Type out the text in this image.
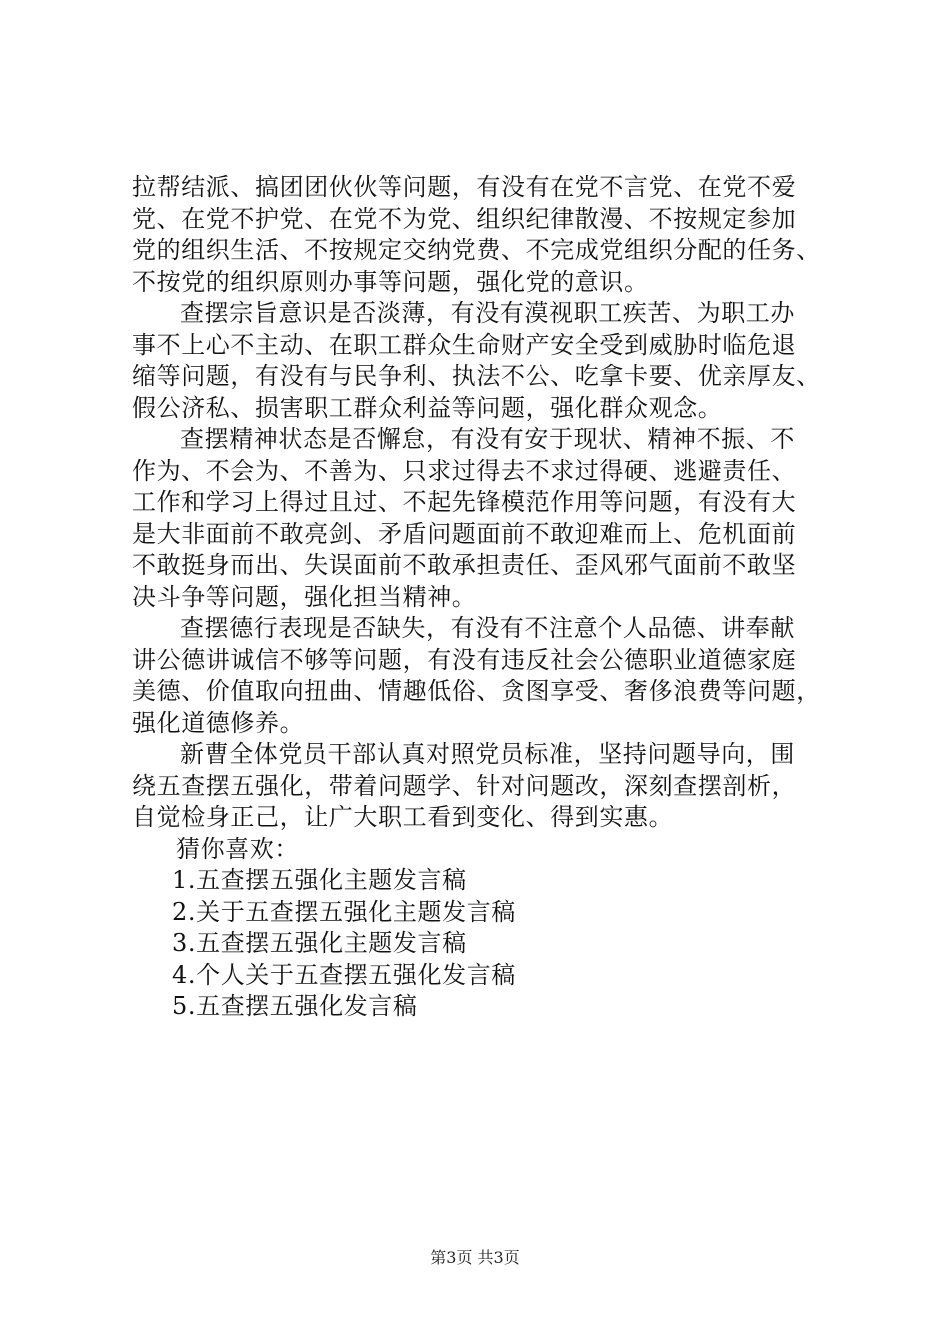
拉帮结派、搞团团伙伙等问题，有没有在党不言党、在党不爱
党、在党不护党、在党不为党、组织纪律散漫、不按规定参加
党的组织生活、不按规定交纳党费、不完成党组织分配的任务、
不按党的组织原则办事等问题，强化党的意识。
查摆宗旨意识是否淡薄，有没有漠视职工疾苦、为职工办
事不上心不主动、在职工群众生命财产安全受到威胁时临危退
缩等问题，有没有与民争利、执法不公、吃拿卡要、优亲厚友、
假公济私、损害职工群众利益等问题，强化群众观念。
查摆精神状态是否懈怠，有没有安于现状、精神不振、不
作为、不会为、不善为、只求过得去不求过得硬、逃避责任、
工作和学习上得过且过、不起先锋模范作用等问题，有没有大
是大非面前不敢亮剑、矛盾问题面前不敢迎难而上、危机面前
不敢挺身而出、失误面前不敢承担责任、歪风邪气面前不敢坚
决斗争等问题，强化担当精神。
查摆德行表现是否缺失，有没有不注意个人品德、讲奉献
讲公德讲诚信不够等问题，有没有违反社会公德职业道德家庭
美德、价值取向扭曲、情趣低俗、贪图享受、奢侈浪费等问题，
强化道德修养。
新曹全体党员干部认真对照党员标准，坚持问题导向，围
绕五查摆五强化，带着问题学、针对问题改，深刻查摆剖析，
自觉检身正己，让广大职工看到变化、得到实惠。
猜你喜欢：
1.五查摆五强化主题发言稿
2.关于五查摆五强化主题发言稿
3.五查摆五强化主题发言稿
4.个人关于五查摆五强化发言稿
5.五查摆五强化发言稿
第3页 共3页
